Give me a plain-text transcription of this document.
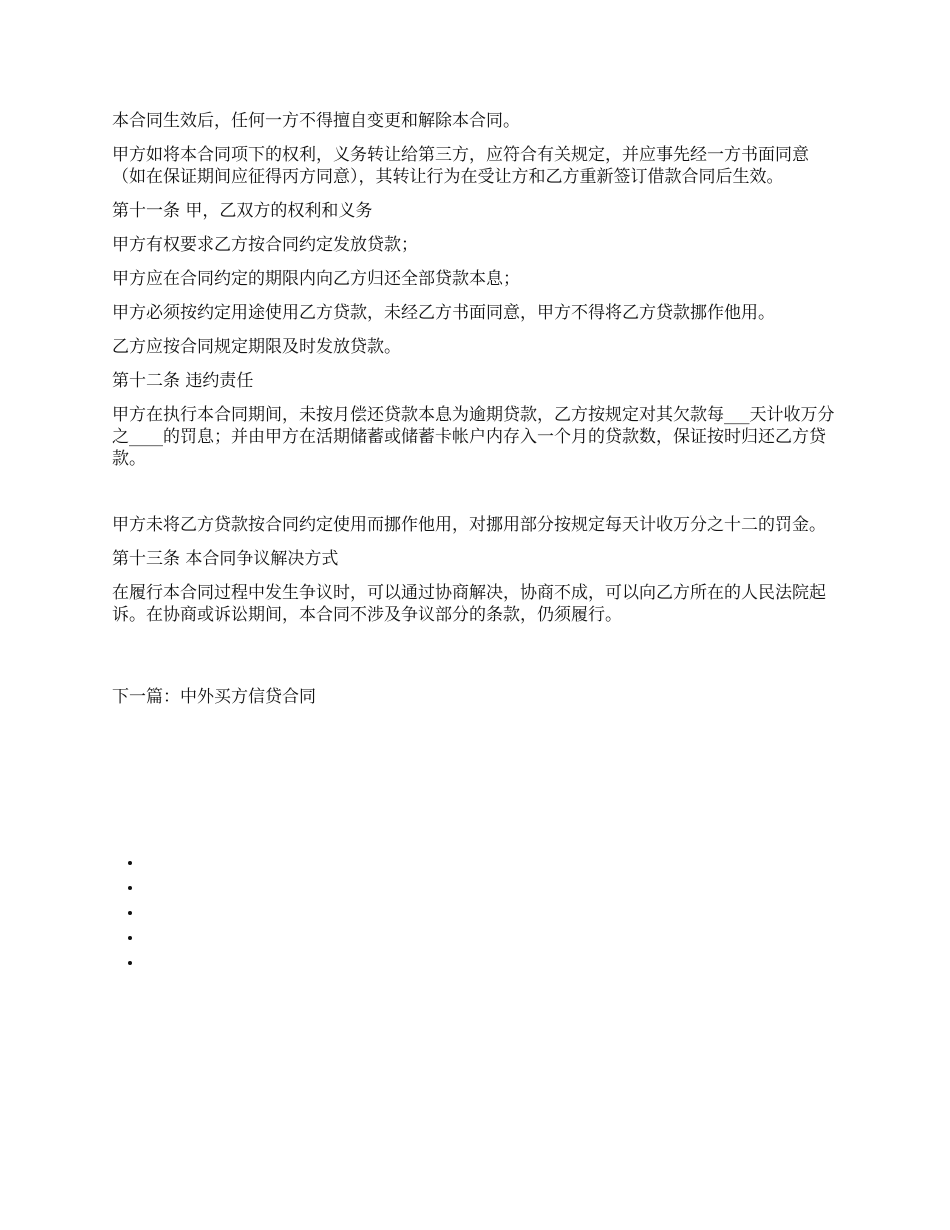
本合同生效后，任何一方不得擅自变更和解除本合同。

甲方如将本合同项下的权利，义务转让给第三方，应符合有关规定，并应事先经一方书面同意（如在保证期间应征得丙方同意），其转让行为在受让方和乙方重新签订借款合同后生效。

第十一条 甲，乙双方的权利和义务

甲方有权要求乙方按合同约定发放贷款；

甲方应在合同约定的期限内向乙方归还全部贷款本息；

甲方必须按约定用途使用乙方贷款，未经乙方书面同意，甲方不得将乙方贷款挪作他用。

乙方应按合同规定期限及时发放贷款。

第十二条 违约责任

甲方在执行本合同期间，未按月偿还贷款本息为逾期贷款，乙方按规定对其欠款每___天计收万分之____的罚息；并由甲方在活期储蓄或储蓄卡帐户内存入一个月的贷款数，保证按时归还乙方贷款。

甲方未将乙方贷款按合同约定使用而挪作他用，对挪用部分按规定每天计收万分之十二的罚金。

第十三条 本合同争议解决方式

在履行本合同过程中发生争议时，可以通过协商解决，协商不成，可以向乙方所在的人民法院起诉。在协商或诉讼期间，本合同不涉及争议部分的条款，仍须履行。

下一篇：中外买方信贷合同
